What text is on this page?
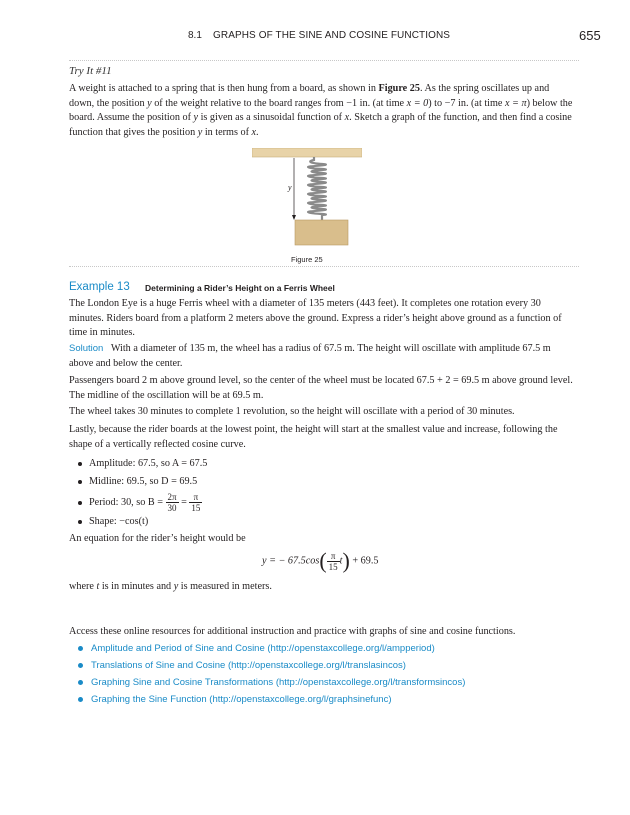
8.1 GRAPHS OF THE SINE AND COSINE FUNCTIONS	655
Try It #11

A weight is attached to a spring that is then hung from a board, as shown in Figure 25. As the spring oscillates up and down, the position y of the weight relative to the board ranges from −1 in. (at time x = 0) to −7 in. (at time x = π) below the board. Assume the position of y is given as a sinusoidal function of x. Sketch a graph of the function, and then find a cosine function that gives the position y in terms of x.

y
Figure 25
Example 13 Determining a Rider’s Height on a Ferris Wheel

The London Eye is a huge Ferris wheel with a diameter of 135 meters (443 feet). It completes one rotation every 30 minutes. Riders board from a platform 2 meters above the ground. Express a rider’s height above ground as a function of time in minutes.

Solution With a diameter of 135 m, the wheel has a radius of 67.5 m. The height will oscillate with amplitude 67.5 m above and below the center.

Passengers board 2 m above ground level, so the center of the wheel must be located 67.5 + 2 = 69.5 m above ground level. The midline of the oscillation will be at 69.5 m.

The wheel takes 30 minutes to complete 1 revolution, so the height will oscillate with a period of 30 minutes.

Lastly, because the rider boards at the lowest point, the height will start at the smallest value and increase, following the shape of a vertically reflected cosine curve.

Amplitude: 67.5, so A = 67.5
Midline: 69.5, so D = 69.5
Period: 30, so $B = \frac{2\pi}{30} = \frac{\pi}{15}$
Shape: −cos(t)

An equation for the rider’s height would be

y = − $67.5\cos( \frac{\pi}{15} t) + 69.5$

where t is in minutes and y is measured in meters.

Access these online resources for additional instruction and practice with graphs of sine and cosine functions.

Amplitude and Period of Sine and Cosine (http://openstaxcollege.org/l/ampperiod)
Translations of Sine and Cosine (http://openstaxcollege.org/l/translasincos)
Graphing Sine and Cosine Transformations (http://openstaxcollege.org/l/transformsincos)
Graphing the Sine Function (http://openstaxcollege.org/l/graphsinefunc)
